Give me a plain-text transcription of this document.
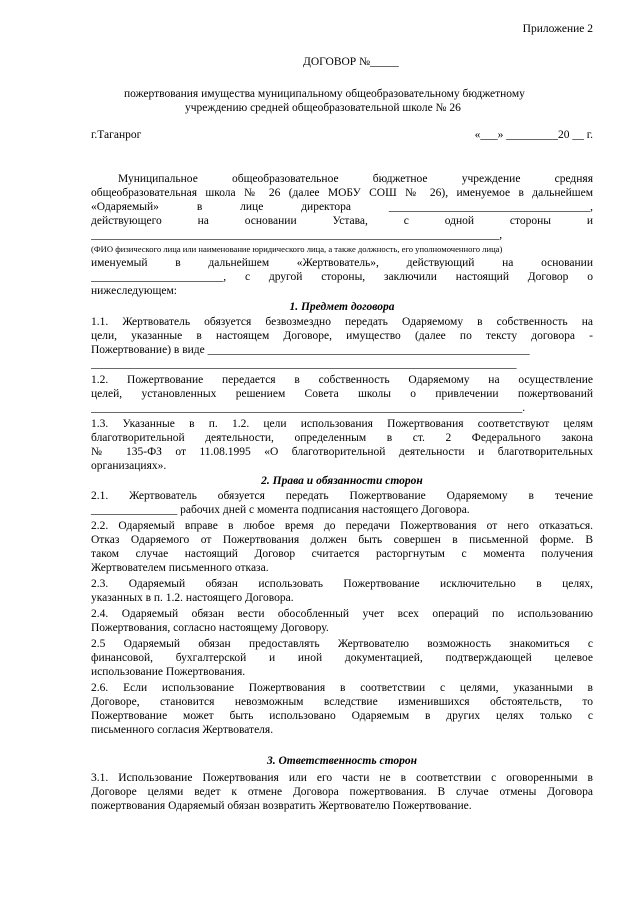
Приложение 2
ДОГОВОР №_____
пожертвования имущества муниципальному общеобразовательному бюджетному
учреждению средней общеобразовательной школе № 26
г.Таганрог	«___» _________20 __ г.
Муниципальное общеобразовательное бюджетное учреждение средняя
общеобразовательная школа № 26 (далее МОБУ СОШ № 26), именуемое в дальнейшем
«Одаряемый» в лице директора ___________________________________,
действующего на основании Устава, с одной стороны и
_______________________________________________________________________,
(ФИО физического лица или наименование юридического лица, а также должность, его уполномоченного лица)
именуемый в дальнейшем «Жертвователь», действующий на основании
_______________________, с другой стороны, заключили настоящий Договор о
нижеследующем:
1. Предмет договора
1.1. Жертвователь обязуется безвозмездно передать Одаряемому в собственность на
цели, указанные в настоящем Договоре, имущество (далее по тексту договора -
Пожертвование) в виде ________________________________________________________
__________________________________________________________________________
1.2. Пожертвование передается в собственность Одаряемому на осуществление
целей, установленных решением Совета школы о привлечении пожертвований
___________________________________________________________________________.
1.3. Указанные в п. 1.2. цели использования Пожертвования соответствуют целям
благотворительной деятельности, определенным в ст. 2 Федерального закона
№ 135-ФЗ от 11.08.1995 «О благотворительной деятельности и благотворительных
организациях».
2. Права и обязанности сторон
2.1. Жертвователь обязуется передать Пожертвование Одаряемому в течение
_______________ рабочих дней с момента подписания настоящего Договора.
2.2. Одаряемый вправе в любое время до передачи Пожертвования от него отказаться.
Отказ Одаряемого от Пожертвования должен быть совершен в письменной форме. В
таком случае настоящий Договор считается расторгнутым с момента получения
Жертвователем письменного отказа.
2.3. Одаряемый обязан использовать Пожертвование исключительно в целях,
указанных в п. 1.2. настоящего Договора.
2.4. Одаряемый обязан вести обособленный учет всех операций по использованию
Пожертвования, согласно настоящему Договору.
2.5 Одаряемый обязан предоставлять Жертвователю возможность знакомиться с
финансовой, бухгалтерской и иной документацией, подтверждающей целевое
использование Пожертвования.
2.6. Если использование Пожертвования в соответствии с целями, указанными в
Договоре, становится невозможным вследствие изменившихся обстоятельств, то
Пожертвование может быть использовано Одаряемым в других целях только с
письменного согласия Жертвователя.
3. Ответственность сторон
3.1. Использование Пожертвования или его части не в соответствии с оговоренными в
Договоре целями ведет к отмене Договора пожертвования. В случае отмены Договора
пожертвования Одаряемый обязан возвратить Жертвователю Пожертвование.
